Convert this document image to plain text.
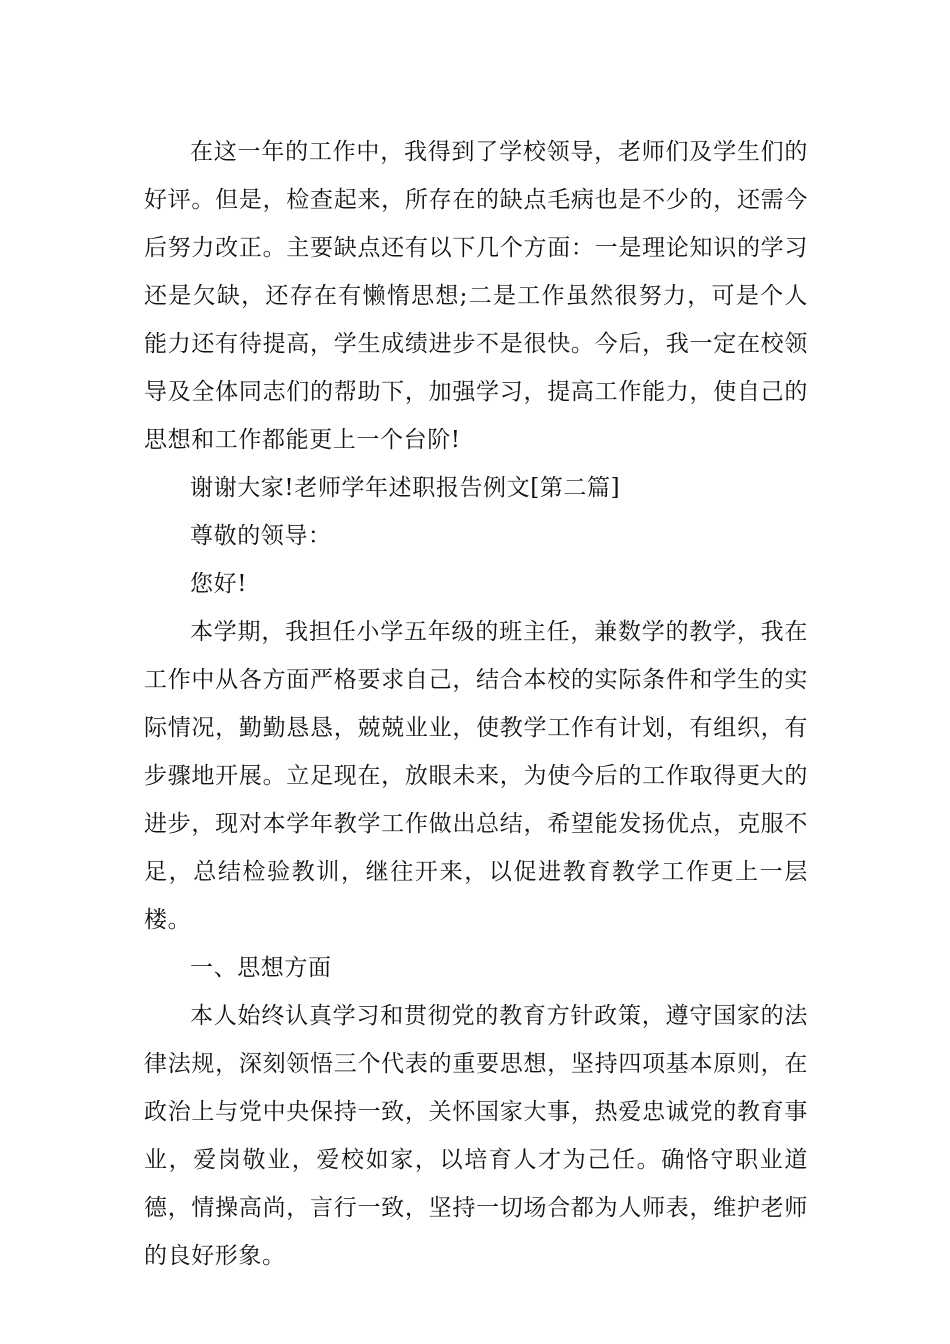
在这一年的工作中，我得到了学校领导，老师们及学生们的好评。但是，检查起来，所存在的缺点毛病也是不少的，还需今后努力改正。主要缺点还有以下几个方面：一是理论知识的学习还是欠缺，还存在有懒惰思想;二是工作虽然很努力，可是个人能力还有待提高，学生成绩进步不是很快。今后，我一定在校领导及全体同志们的帮助下，加强学习，提高工作能力，使自己的思想和工作都能更上一个台阶!

谢谢大家!老师学年述职报告例文[第二篇]

尊敬的领导：

您好!

本学期，我担任小学五年级的班主任，兼数学的教学，我在工作中从各方面严格要求自己，结合本校的实际条件和学生的实际情况，勤勤恳恳，兢兢业业，使教学工作有计划，有组织，有步骤地开展。立足现在，放眼未来，为使今后的工作取得更大的进步，现对本学年教学工作做出总结，希望能发扬优点，克服不足，总结检验教训，继往开来，以促进教育教学工作更上一层楼。

一、思想方面

本人始终认真学习和贯彻党的教育方针政策，遵守国家的法律法规，深刻领悟三个代表的重要思想，坚持四项基本原则，在政治上与党中央保持一致，关怀国家大事，热爱忠诚党的教育事业，爱岗敬业，爱校如家，以培育人才为己任。确恪守职业道德，情操高尚，言行一致，坚持一切场合都为人师表，维护老师的良好形象。
